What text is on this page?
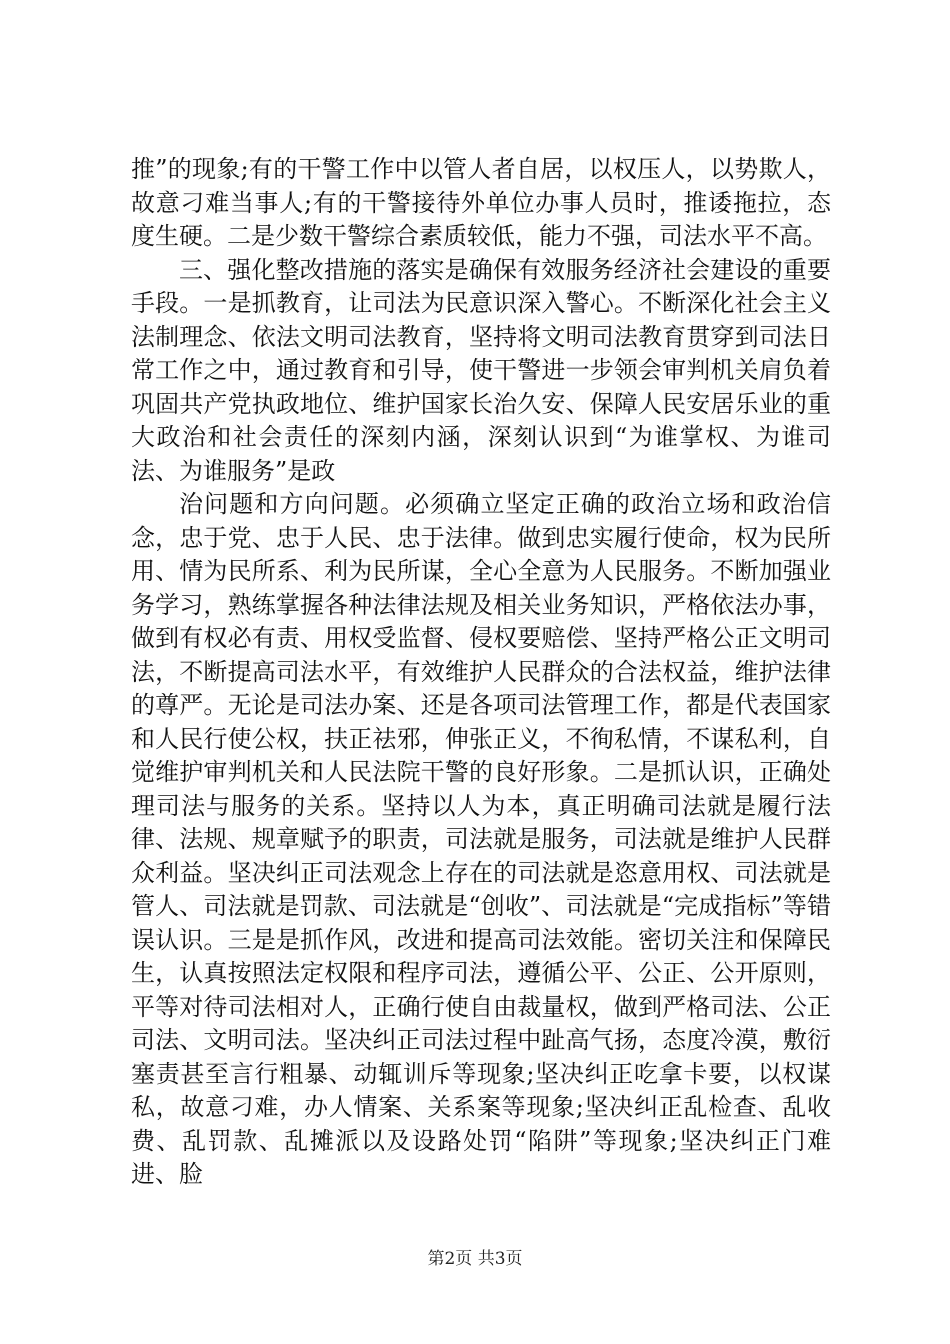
推”的现象;有的干警工作中以管人者自居，以权压人，以势欺人，故意刁难当事人;有的干警接待外单位办事人员时，推诿拖拉，态度生硬。二是少数干警综合素质较低，能力不强，司法水平不高。

三、强化整改措施的落实是确保有效服务经济社会建设的重要手段。一是抓教育，让司法为民意识深入警心。不断深化社会主义法制理念、依法文明司法教育，坚持将文明司法教育贯穿到司法日常工作之中，通过教育和引导，使干警进一步领会审判机关肩负着巩固共产党执政地位、维护国家长治久安、保障人民安居乐业的重大政治和社会责任的深刻内涵，深刻认识到“为谁掌权、为谁司法、为谁服务”是政

治问题和方向问题。必须确立坚定正确的政治立场和政治信念，忠于党、忠于人民、忠于法律。做到忠实履行使命，权为民所用、情为民所系、利为民所谋，全心全意为人民服务。不断加强业务学习，熟练掌握各种法律法规及相关业务知识，严格依法办事，做到有权必有责、用权受监督、侵权要赔偿、坚持严格公正文明司法，不断提高司法水平，有效维护人民群众的合法权益，维护法律的尊严。无论是司法办案、还是各项司法管理工作，都是代表国家和人民行使公权，扶正祛邪，伸张正义，不徇私情，不谋私利，自觉维护审判机关和人民法院干警的良好形象。二是抓认识，正确处理司法与服务的关系。坚持以人为本，真正明确司法就是履行法律、法规、规章赋予的职责，司法就是服务，司法就是维护人民群众利益。坚决纠正司法观念上存在的司法就是恣意用权、司法就是管人、司法就是罚款、司法就是“创收”、司法就是“完成指标”等错误认识。三是是抓作风，改进和提高司法效能。密切关注和保障民生，认真按照法定权限和程序司法，遵循公平、公正、公开原则，平等对待司法相对人，正确行使自由裁量权，做到严格司法、公正司法、文明司法。坚决纠正司法过程中趾高气扬，态度冷漠，敷衍塞责甚至言行粗暴、动辄训斥等现象;坚决纠正吃拿卡要，以权谋私，故意刁难，办人情案、关系案等现象;坚决纠正乱检查、乱收费、乱罚款、乱摊派以及设路处罚“陷阱”等现象;坚决纠正门难进、脸

第2页 共3页
